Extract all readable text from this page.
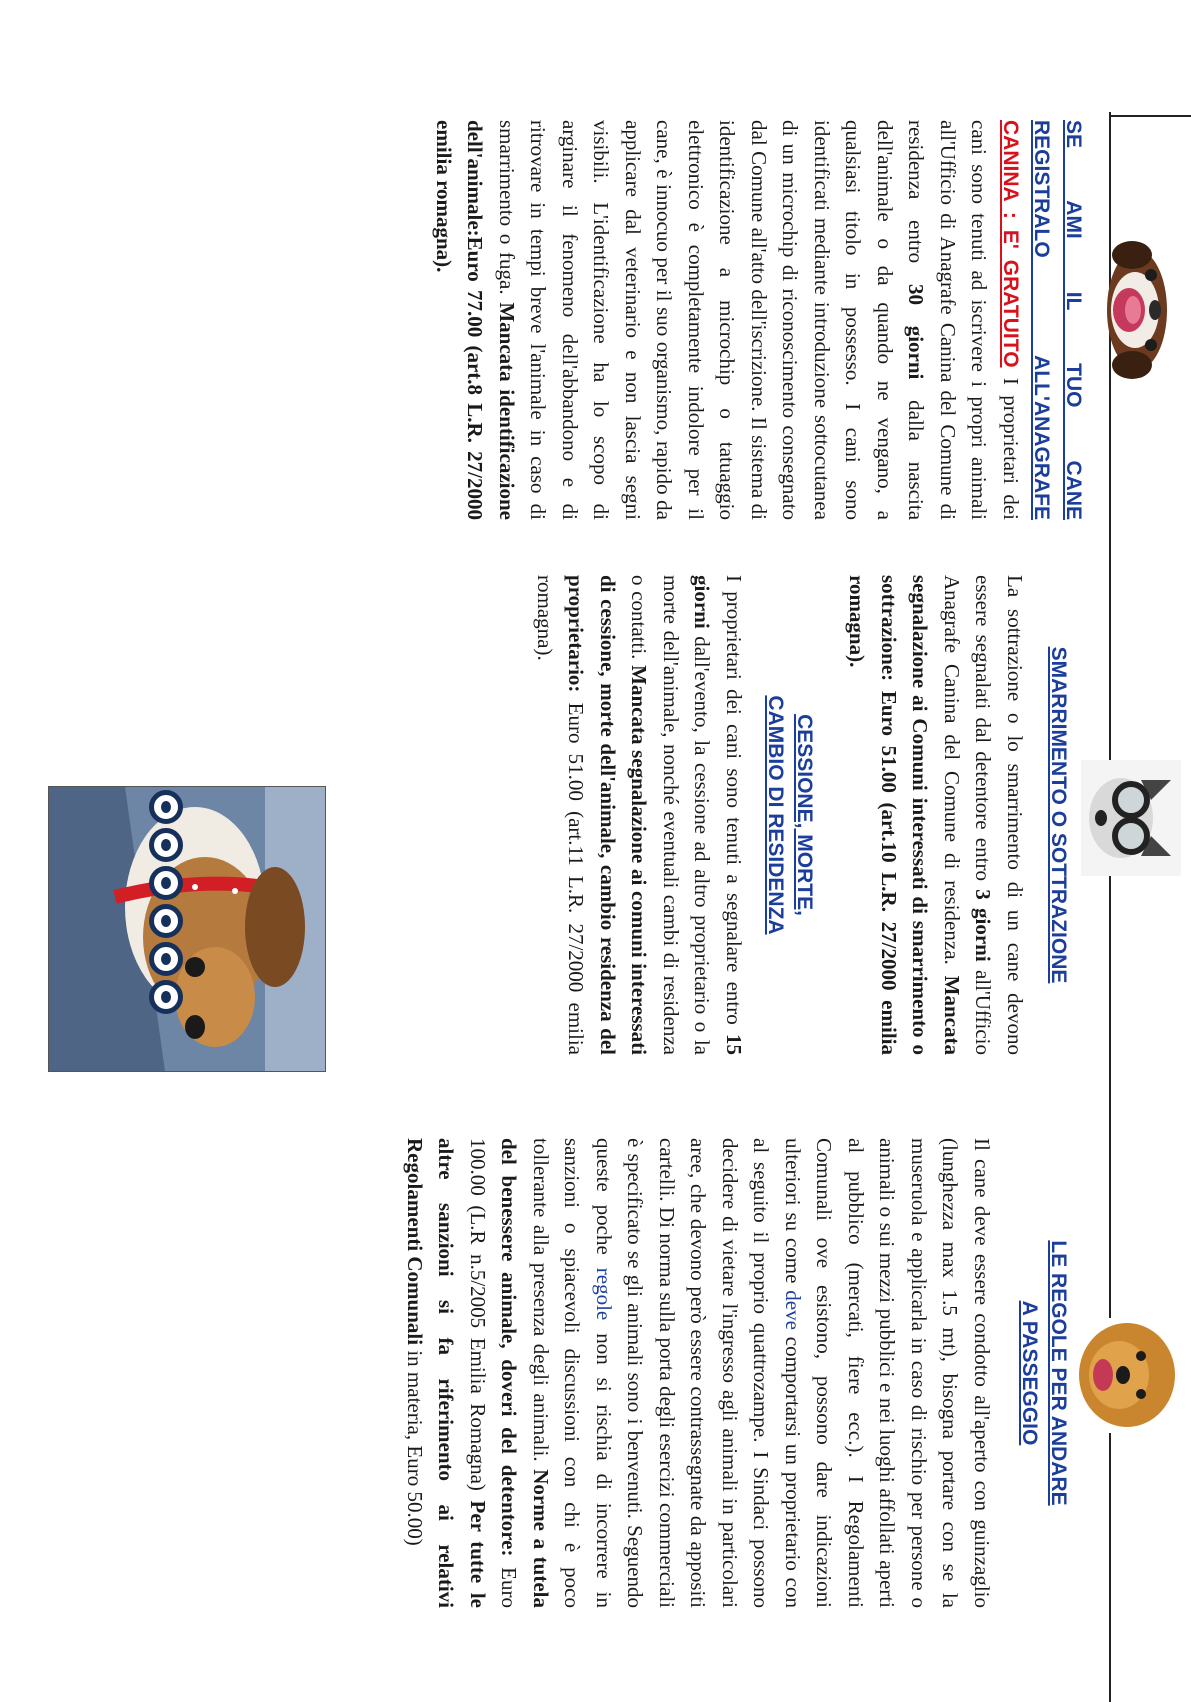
SE AMI IL TUO CANE
REGISTRALO ALL'ANAGRAFE

CANINA : E' GRATUITO I proprietari dei cani sono tenuti ad iscrivere i propri animali all'Ufficio di Anagrafe Canina del Comune di residenza entro 30 giorni dalla nascita dell'animale o da quando ne vengano, a qualsiasi titolo in possesso. I cani sono identificati mediante introduzione sottocutanea di un microchip di riconoscimento consegnato dal Comune all'atto dell'iscrizione. Il sistema di identificazione a microchip o tatuaggio elettronico è completamente indolore per il cane, è innocuo per il suo organismo, rapido da applicare dal veterinario e non lascia segni visibili. L'identificazione ha lo scopo di arginare il fenomeno dell'abbandono e di ritrovare in tempi breve l'animale in caso di smarrimento o fuga. Mancata identificazione dell'animale:Euro 77.00 (art.8 L.R. 27/2000 emilia romagna).

SMARRIMENTO O SOTTRAZIONE

La sottrazione o lo smarrimento di un cane devono essere segnalati dal detentore entro 3 giorni all'Ufficio Anagrafe Canina del Comune di residenza. Mancata segnalazione ai Comuni interessati di smarrimento o sottrazione: Euro 51.00 (art.10 L.R. 27/2000 emilia romagna).

CESSIONE, MORTE,
CAMBIO DI RESIDENZA

I proprietari dei cani sono tenuti a segnalare entro 15 giorni dall'evento, la cessione ad altro proprietario o la morte dell'animale, nonché eventuali cambi di residenza o contatti. Mancata segnalazione ai comuni interessati di cessione, morte dell'animale, cambio residenza del proprietario: Euro 51.00 (art.11 L.R. 27/2000 emilia romagna).

LE REGOLE PER ANDARE
A PASSEGGIO

Il cane deve essere condotto all'aperto con guinzaglio (lunghezza max 1.5 mt), bisogna portare con se la museruola e applicarla in caso di rischio per persone o animali o sui mezzi pubblici e nei luoghi affollati aperti al pubblico (mercati, fiere ecc.). I Regolamenti Comunali ove esistono, possono dare indicazioni ulteriori su come deve comportarsi un proprietario con al seguito il proprio quattrozampe. I Sindaci possono decidere di vietare l'ingresso agli animali in particolari aree, che devono però essere contrassegnate da appositi cartelli. Di norma sulla porta degli esercizi commerciali è specificato se gli animali sono i benvenuti. Seguendo queste poche regole non si rischia di incorrere in sanzioni o spiacevoli discussioni con chi è poco tollerante alla presenza degli animali. Norme a tutela del benessere animale, doveri del detentore: Euro 100.00 (L.R n.5/2005 Emilia Romagna) Per tutte le altre sanzioni si fa riferimento ai relativi Regolamenti Comunali in materia, Euro 50.00)
